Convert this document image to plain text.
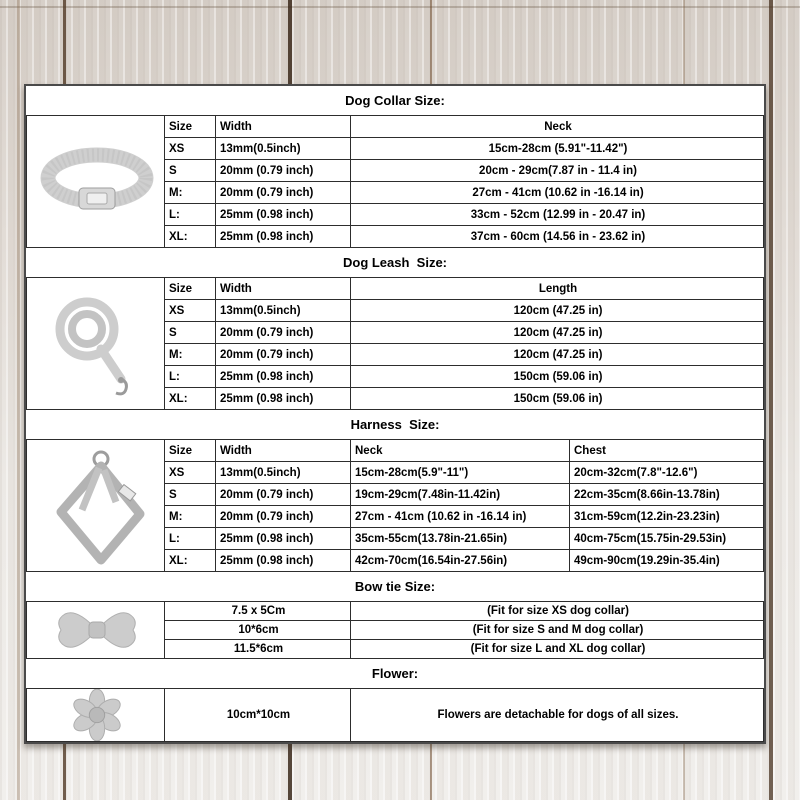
Dog Collar Size:
	Size	Width	Neck
	XS	13mm(0.5inch)	15cm-28cm (5.91"-11.42")
	S	20mm (0.79 inch)	20cm - 29cm(7.87 in - 11.4 in)
	M:	20mm (0.79 inch)	27cm - 41cm (10.62 in -16.14 in)
	L:	25mm (0.98 inch)	33cm - 52cm (12.99 in - 20.47 in)
	XL:	25mm (0.98 inch)	37cm - 60cm (14.56 in - 23.62 in)
Dog Leash  Size:
	Size	Width	Length
	XS	13mm(0.5inch)	120cm (47.25 in)
	S	20mm (0.79 inch)	120cm (47.25 in)
	M:	20mm (0.79 inch)	120cm (47.25 in)
	L:	25mm (0.98 inch)	150cm (59.06 in)
	XL:	25mm (0.98 inch)	150cm (59.06 in)
Harness  Size:
	Size	Width	Neck	Chest
	XS	13mm(0.5inch)	15cm-28cm(5.9"-11")	20cm-32cm(7.8"-12.6")
	S	20mm (0.79 inch)	19cm-29cm(7.48in-11.42in)	22cm-35cm(8.66in-13.78in)
	M:	20mm (0.79 inch)	27cm - 41cm (10.62 in -16.14 in)	31cm-59cm(12.2in-23.23in)
	L:	25mm (0.98 inch)	35cm-55cm(13.78in-21.65in)	40cm-75cm(15.75in-29.53in)
	XL:	25mm (0.98 inch)	42cm-70cm(16.54in-27.56in)	49cm-90cm(19.29in-35.4in)
Bow tie Size:
	7.5 x 5Cm	(Fit for size XS dog collar)
	10*6cm	(Fit for size S and M dog collar)
	11.5*6cm	(Fit for size L and XL dog collar)
Flower:
	10cm*10cm	Flowers are detachable for dogs of all sizes.
